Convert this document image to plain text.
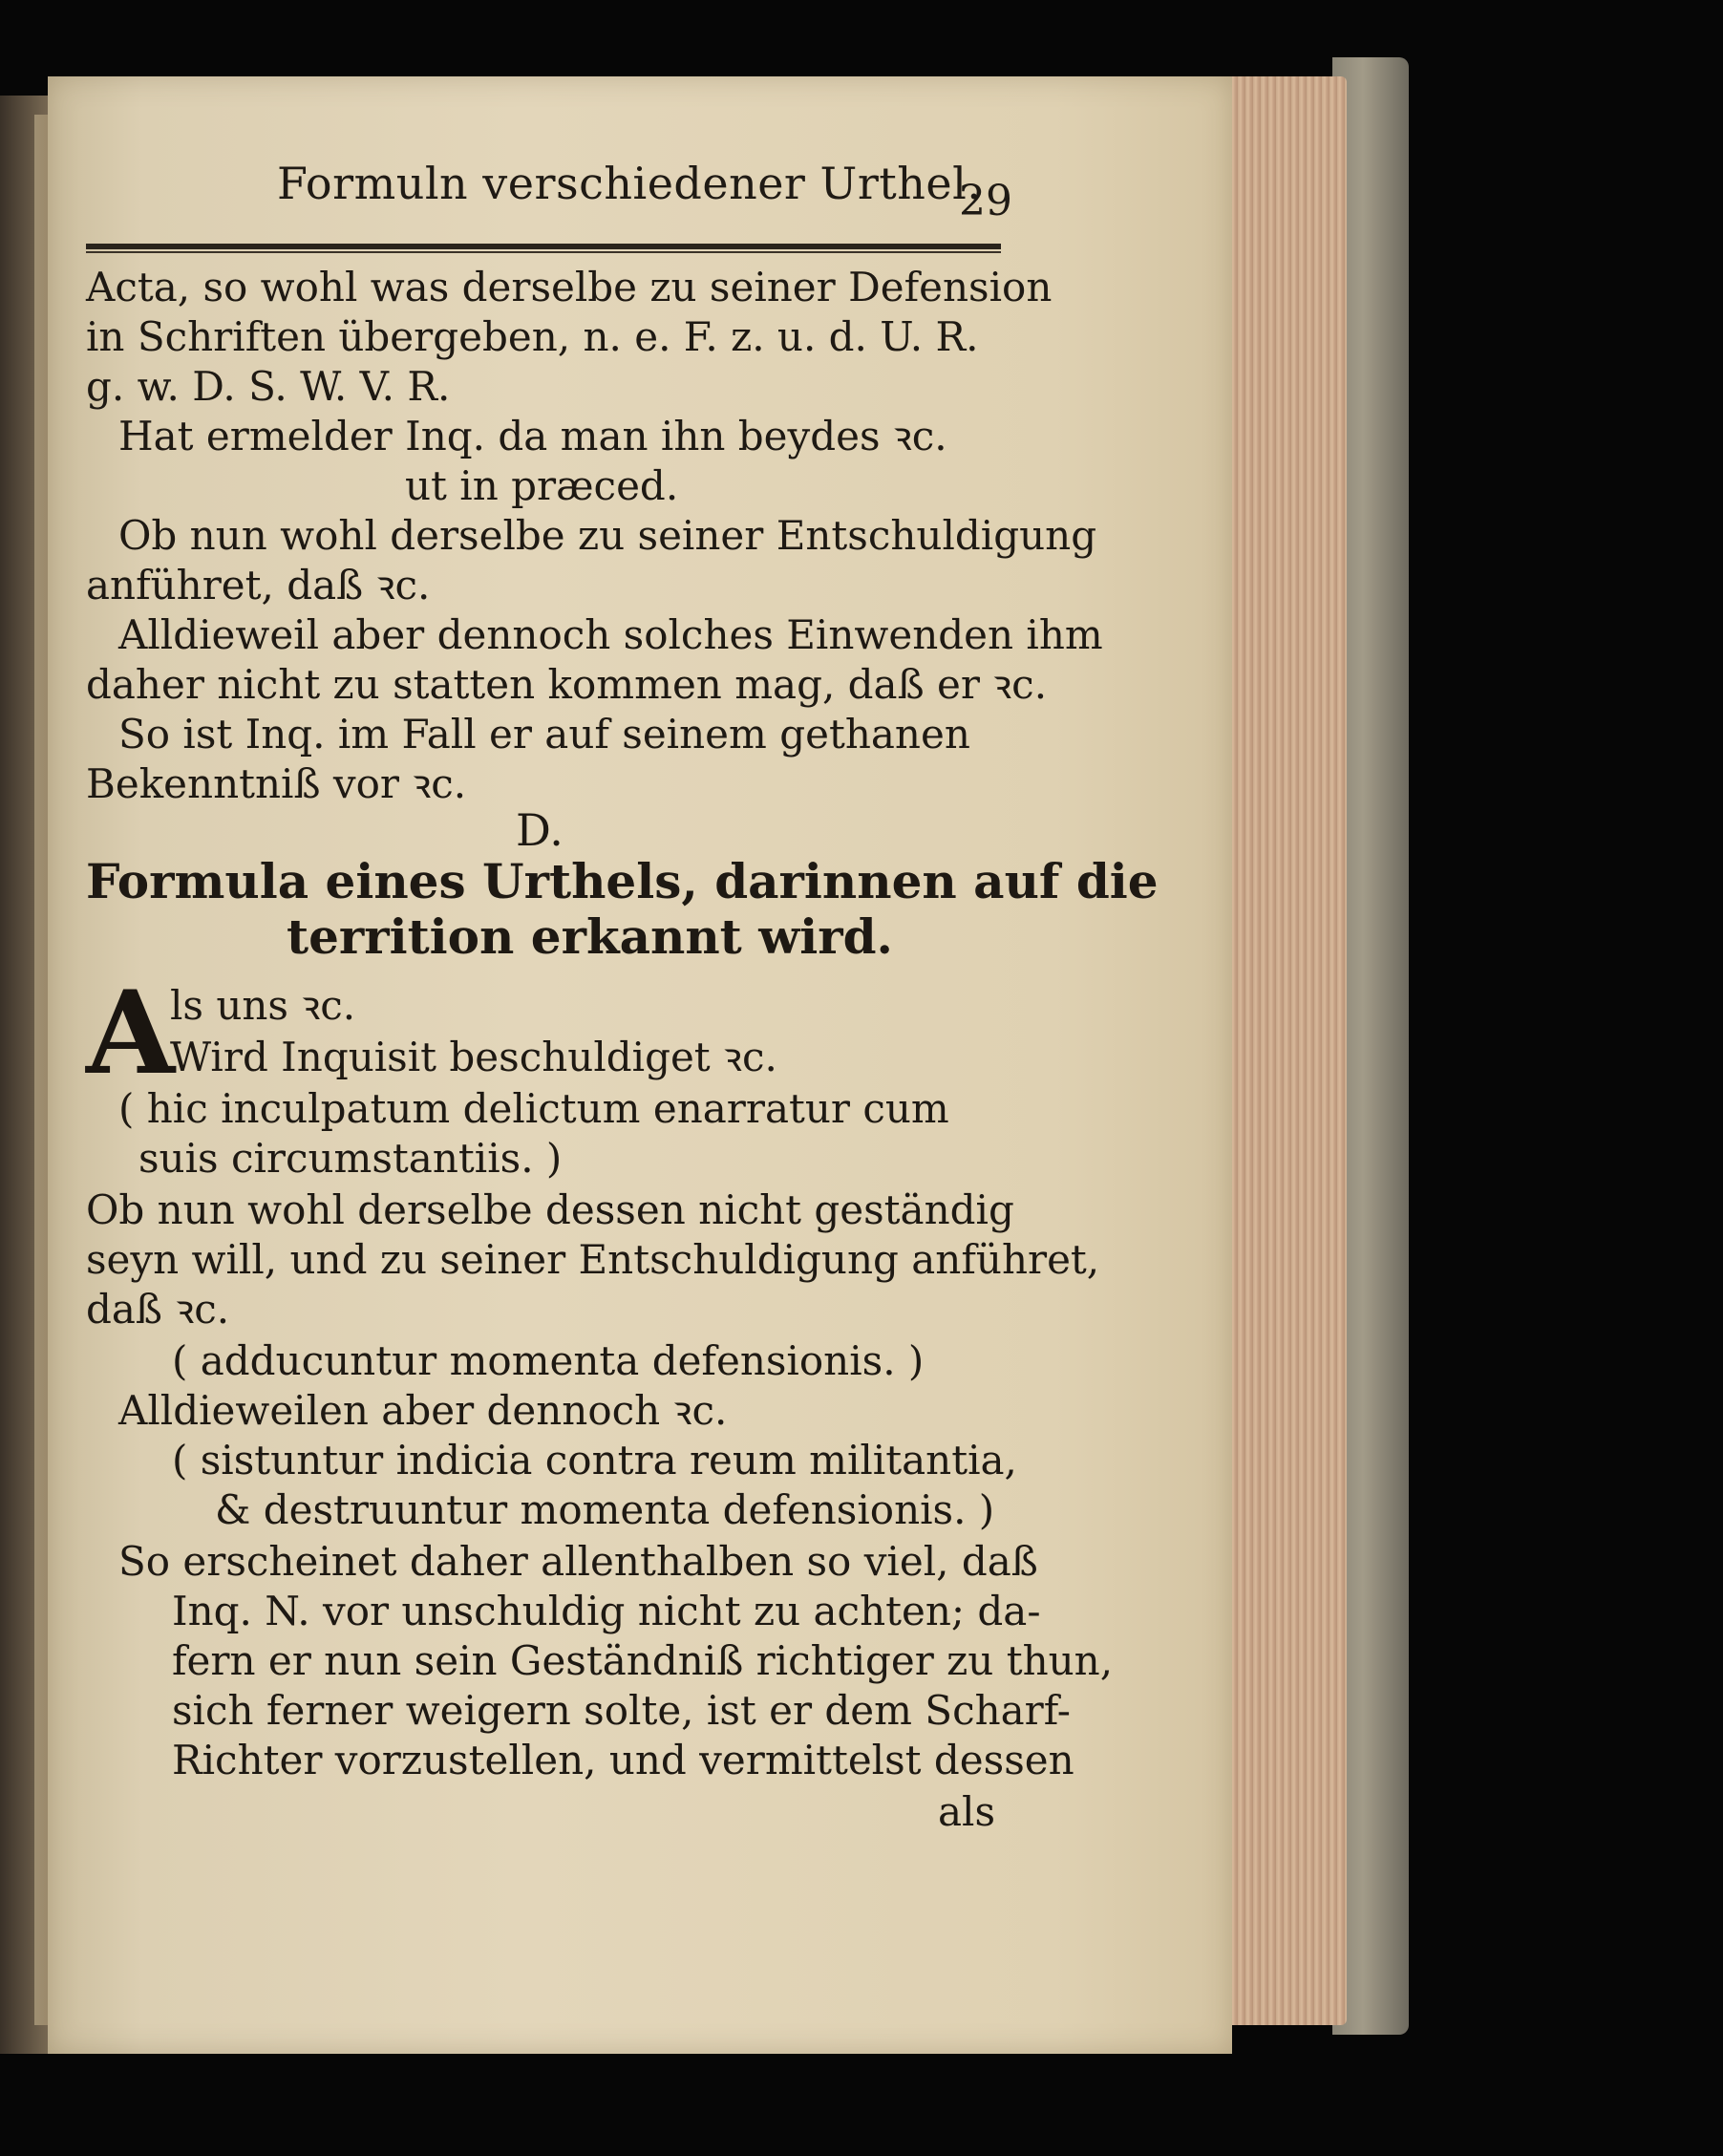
Formuln verschiedener Urthel.
29
Acta, so wohl was derselbe zu seiner Defension
in Schriften übergeben, n. e. F. z. u. d. U. R.
g. w. D. S. W. V. R.
Hat ermelder Inq. da man ihn beydes ꝛc.
ut in præced.
Ob nun wohl derselbe zu seiner Entschuldigung
anführet, daß ꝛc.
Alldieweil aber dennoch solches Einwenden ihm
daher nicht zu statten kommen mag, daß er ꝛc.
So ist Inq. im Fall er auf seinem gethanen
Bekenntniß vor ꝛc.
D.
Formula eines Urthels, darinnen auf die
territion erkannt wird.
A
ls uns ꝛc.
Wird Inquisit beschuldiget ꝛc.
( hic inculpatum delictum enarratur cum
suis circumstantiis. )
Ob nun wohl derselbe dessen nicht geständig
seyn will, und zu seiner Entschuldigung anführet,
daß ꝛc.
( adducuntur momenta defensionis. )
Alldieweilen aber dennoch ꝛc.
( sistuntur indicia contra reum militantia,
& destruuntur momenta defensionis. )
So erscheinet daher allenthalben so viel, daß
Inq. N. vor unschuldig nicht zu achten; da-
fern er nun sein Geständniß richtiger zu thun,
sich ferner weigern solte, ist er dem Scharf-
Richter vorzustellen, und vermittelst dessen
als
